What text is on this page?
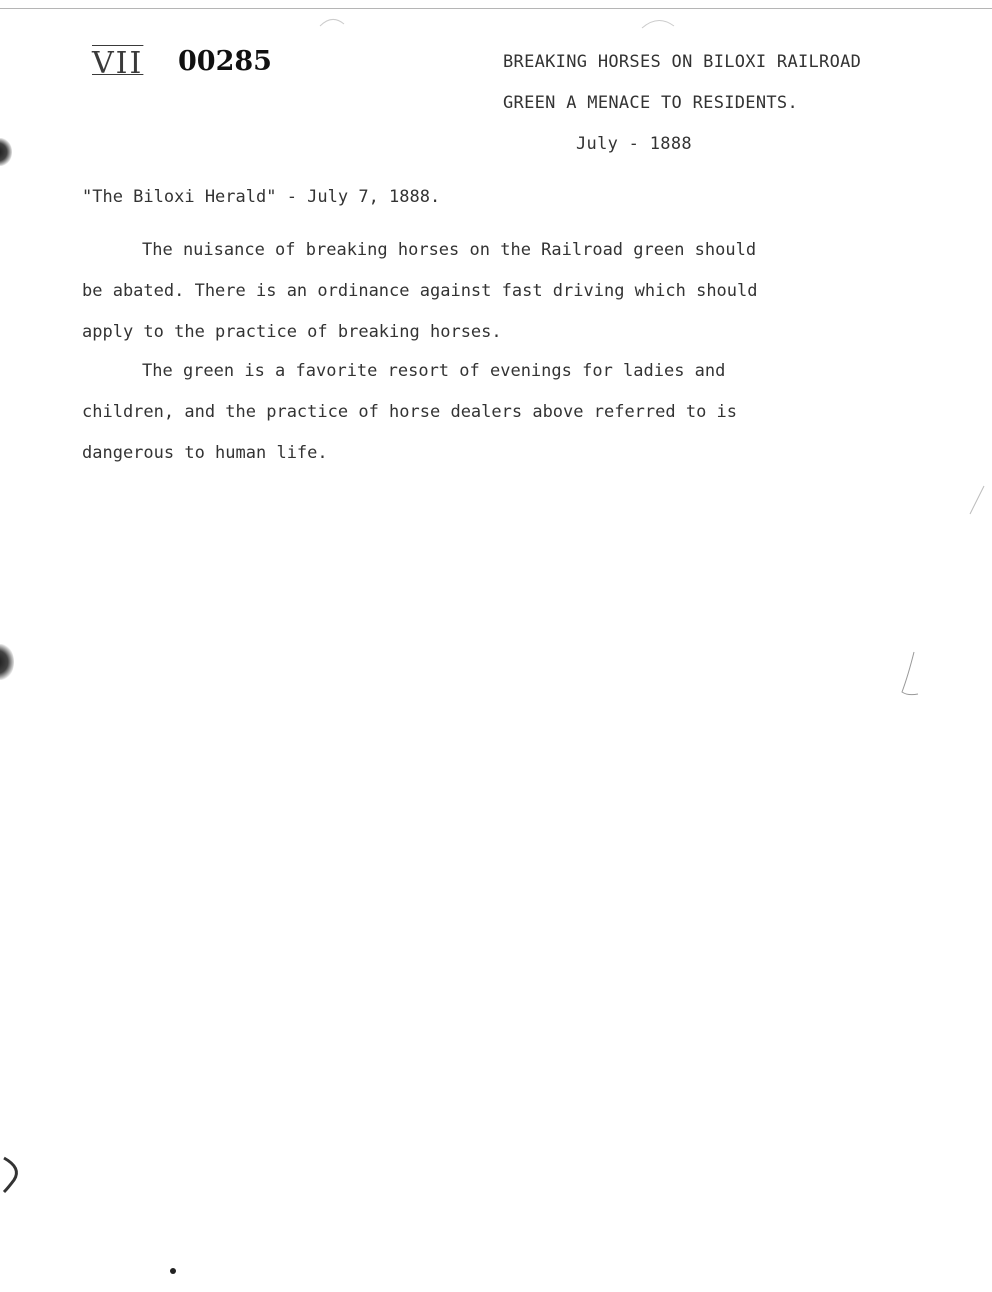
VII 00285	BREAKING HORSES ON BILOXI RAILROAD
GREEN A MENACE TO RESIDENTS.
July - 1888
"The Biloxi Herald" - July 7, 1888.
The nuisance of breaking horses on the Railroad green should
be abated. There is an ordinance against fast driving which should
apply to the practice of breaking horses.
The green is a favorite resort of evenings for ladies and
children, and the practice of horse dealers above referred to is
dangerous to human life.
